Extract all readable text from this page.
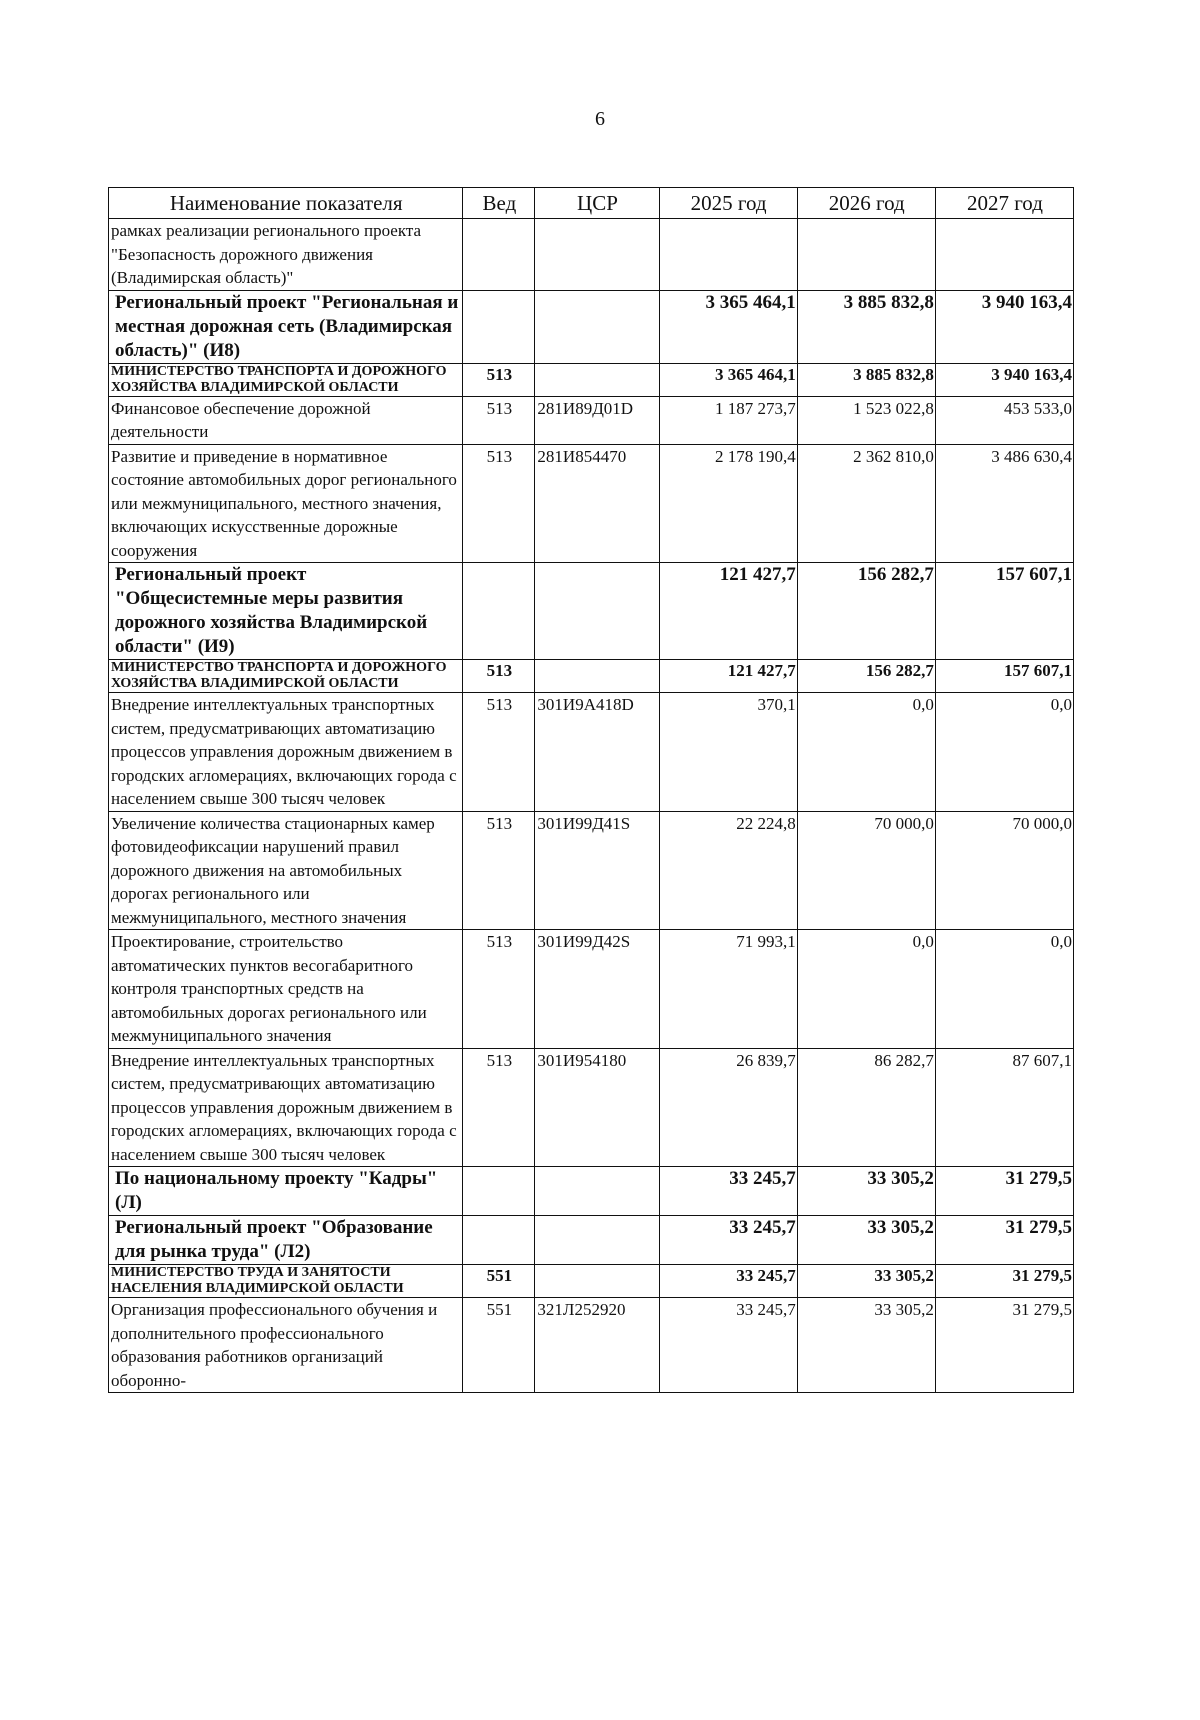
6
Наименование показателя	Вед	ЦСР	2025 год	2026 год	2027 год
рамках реализации регионального проекта "Безопасность дорожного движения (Владимирская область)"					
Региональный проект "Региональная и местная дорожная сеть (Владимирская область)" (И8)			3 365 464,1	3 885 832,8	3 940 163,4
МИНИСТЕРСТВО ТРАНСПОРТА И ДОРОЖНОГО ХОЗЯЙСТВА ВЛАДИМИРСКОЙ ОБЛАСТИ	513		3 365 464,1	3 885 832,8	3 940 163,4
Финансовое обеспечение дорожной деятельности	513	281И89Д01D	1 187 273,7	1 523 022,8	453 533,0
Развитие и приведение в нормативное состояние автомобильных дорог регионального или межмуниципального, местного значения, включающих искусственные дорожные сооружения	513	281И854470	2 178 190,4	2 362 810,0	3 486 630,4
Региональный проект "Общесистемные меры развития дорожного хозяйства Владимирской области" (И9)			121 427,7	156 282,7	157 607,1
МИНИСТЕРСТВО ТРАНСПОРТА И ДОРОЖНОГО ХОЗЯЙСТВА ВЛАДИМИРСКОЙ ОБЛАСТИ	513		121 427,7	156 282,7	157 607,1
Внедрение интеллектуальных транспортных систем, предусматривающих автоматизацию процессов управления дорожным движением в городских агломерациях, включающих города с населением свыше 300 тысяч человек	513	301И9А418D	370,1	0,0	0,0
Увеличение количества стационарных камер фотовидеофиксации нарушений правил дорожного движения на автомобильных дорогах регионального или межмуниципального, местного значения	513	301И99Д41S	22 224,8	70 000,0	70 000,0
Проектирование, строительство автоматических пунктов весогабаритного контроля транспортных средств на автомобильных дорогах регионального или межмуниципального значения	513	301И99Д42S	71 993,1	0,0	0,0
Внедрение интеллектуальных транспортных систем, предусматривающих автоматизацию процессов управления дорожным движением в городских агломерациях, включающих города с населением свыше 300 тысяч человек	513	301И954180	26 839,7	86 282,7	87 607,1
По национальному проекту "Кадры" (Л)			33 245,7	33 305,2	31 279,5
Региональный проект "Образование для рынка труда" (Л2)			33 245,7	33 305,2	31 279,5
МИНИСТЕРСТВО ТРУДА И ЗАНЯТОСТИ НАСЕЛЕНИЯ ВЛАДИМИРСКОЙ ОБЛАСТИ	551		33 245,7	33 305,2	31 279,5
Организация профессионального обучения и дополнительного профессионального образования работников организаций оборонно-	551	321Л252920	33 245,7	33 305,2	31 279,5
